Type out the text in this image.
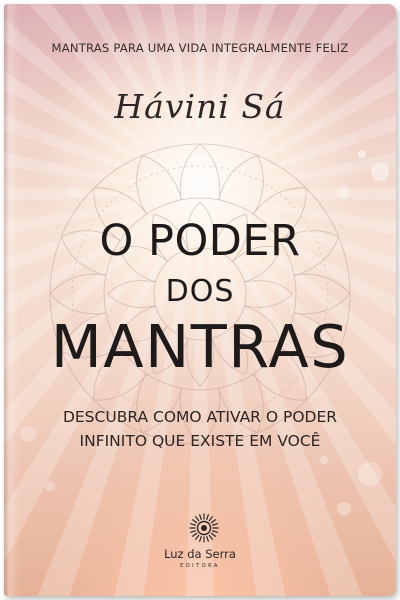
MANTRAS PARA UMA VIDA INTEGRALMENTE FELIZ
Hávini Sá
O PODER
DOS
MANTRAS
DESCUBRA COMO ATIVAR O PODER
INFINITO QUE EXISTE EM VOCÊ
Luz da Serra
EDITORA
